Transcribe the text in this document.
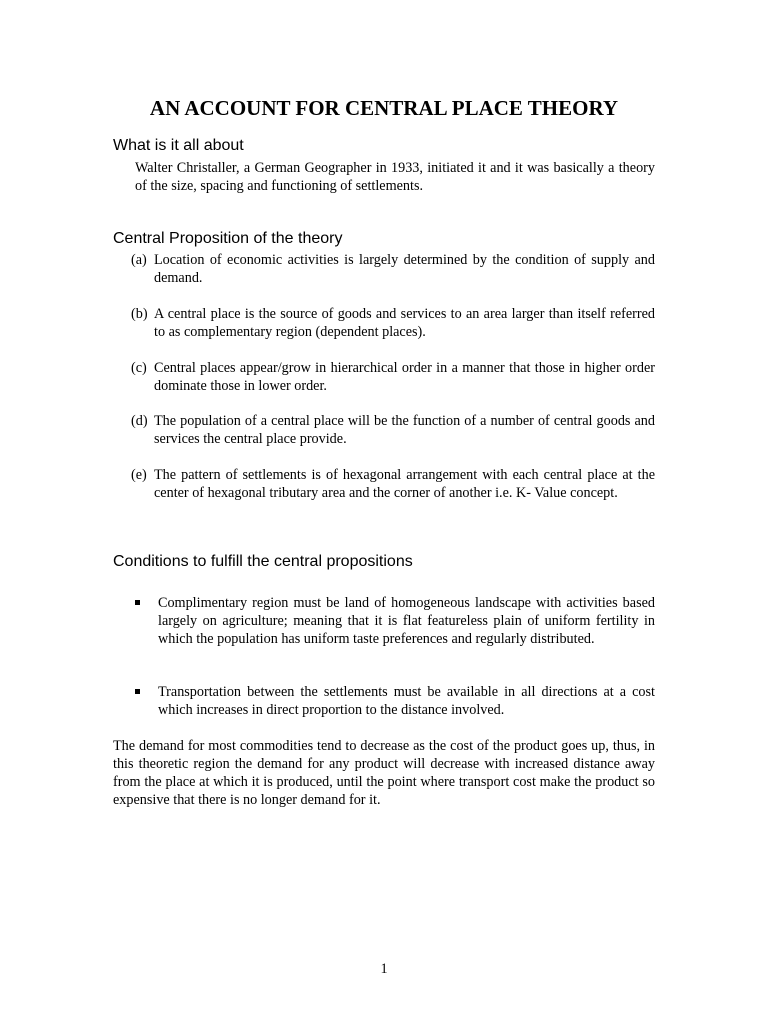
AN ACCOUNT FOR CENTRAL PLACE THEORY
What is it all about

Walter Christaller, a German Geographer in 1933, initiated it and it was basically a theory of the size, spacing and functioning of settlements.

Central Proposition of the theory
(a) Location of economic activities is largely determined by the condition of supply and demand.
(b) A central place is the source of goods and services to an area larger than itself referred to as complementary region (dependent places).
(c) Central places appear/grow in hierarchical order in a manner that those in higher order dominate those in lower order.
(d) The population of a central place will be the function of a number of central goods and services the central place provide.
(e) The pattern of settlements is of hexagonal arrangement with each central place at the center of hexagonal tributary area and the corner of another i.e. K- Value concept.
Conditions to fulfill the central propositions
Complimentary region must be land of homogeneous landscape with activities based largely on agriculture; meaning that it is flat featureless plain of uniform fertility in which the population has uniform taste preferences and regularly distributed.
Transportation between the settlements must be available in all directions at a cost which increases in direct proportion to the distance involved.

The demand for most commodities tend to decrease as the cost of the product goes up, thus, in this theoretic region the demand for any product will decrease with increased distance away from the place at which it is produced, until the point where transport cost make the product so expensive that there is no longer demand for it.

1
